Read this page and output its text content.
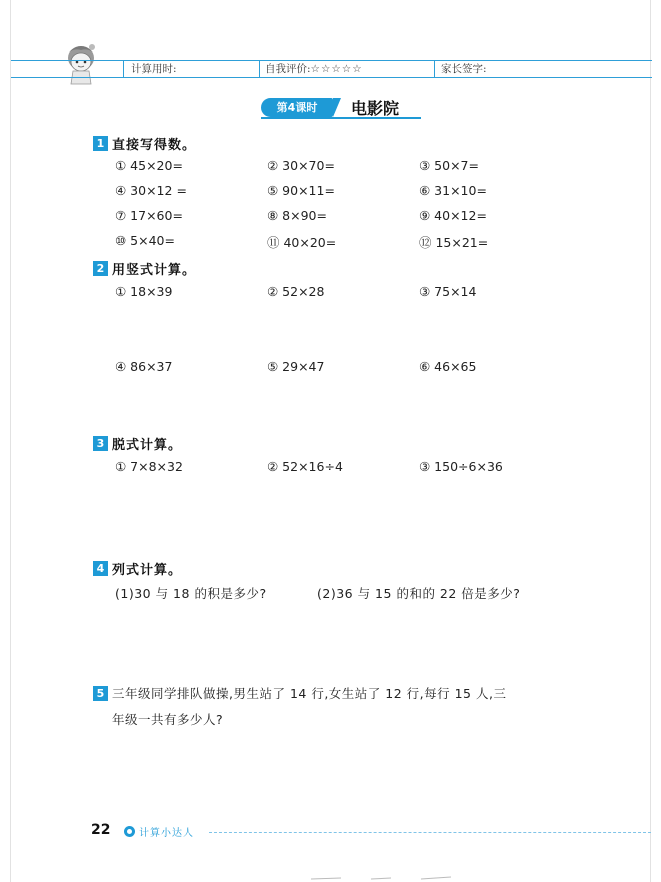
计算用时:	自我评价:☆☆☆☆☆	家长签字:
第4课时	电影院
1 直接写得数。
① 45×20=	② 30×70=	③ 50×7=
④ 30×12 =	⑤ 90×11=	⑥ 31×10=
⑦ 17×60=	⑧ 8×90=	⑨ 40×12=
⑩ 5×40=	⑪ 40×20=	⑫ 15×21=
2 用竖式计算。
① 18×39	② 52×28	③ 75×14
④ 86×37	⑤ 29×47	⑥ 46×65
3 脱式计算。
① 7×8×32	② 52×16÷4	③ 150÷6×36
4 列式计算。
(1)30 与 18 的积是多少?	(2)36 与 15 的和的 22 倍是多少?
5 三年级同学排队做操,男生站了 14 行,女生站了 12 行,每行 15 人,三
年级一共有多少人?
22	计算小达人
